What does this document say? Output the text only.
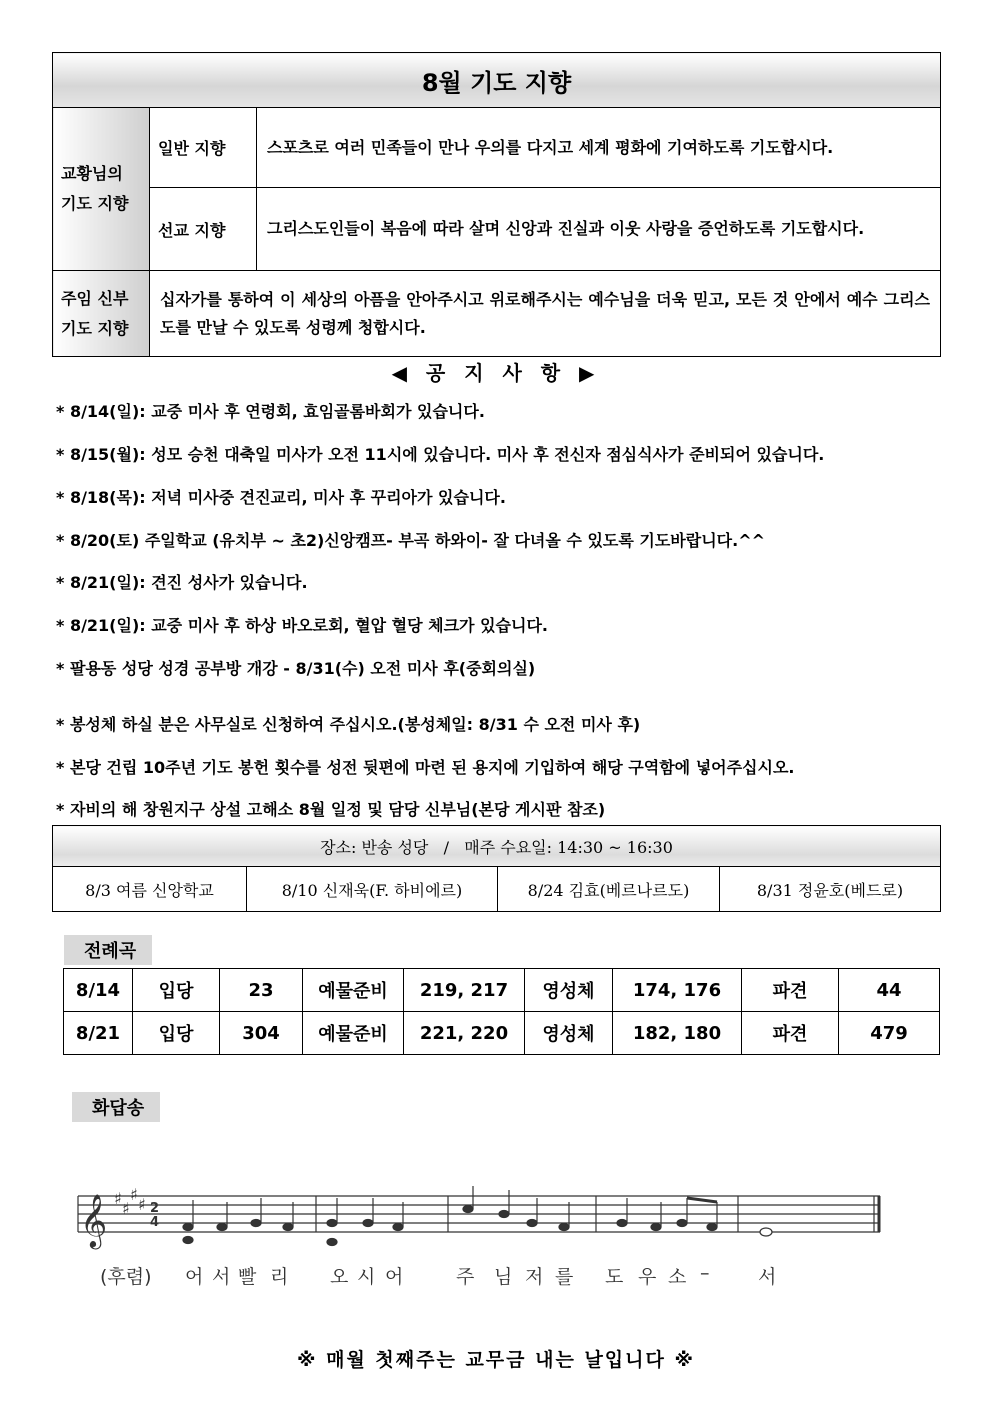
8월 기도 지향		
교황님의
기도 지향	일반 지향	스포츠로 여러 민족들이 만나 우의를 다지고 세계 평화에 기여하도록 기도합시다.
	선교 지향	그리스도인들이 복음에 따라 살며 신앙과 진실과 이웃 사랑을 증언하도록 기도합시다.
주임 신부
기도 지향	십자가를 통하여 이 세상의 아픔을 안아주시고 위로해주시는 예수님을 더욱 믿고, 모든 것 안에서 예수 그리스도를 만날 수 있도록 성령께 청합시다.	
◀ 공 지 사 항 ▶
* 8/14(일): 교중 미사 후 연령회, 효임골롬바회가 있습니다.
* 8/15(월): 성모 승천 대축일 미사가 오전 11시에 있습니다. 미사 후 전신자 점심식사가 준비되어 있습니다.
* 8/18(목): 저녁 미사중 견진교리, 미사 후 꾸리아가 있습니다.
* 8/20(토) 주일학교 (유치부 ~ 초2)신앙캠프- 부곡 하와이- 잘 다녀올 수 있도록 기도바랍니다.^^
* 8/21(일): 견진 성사가 있습니다.
* 8/21(일): 교중 미사 후 하상 바오로회, 혈압 혈당 체크가 있습니다.
* 팔용동 성당 성경 공부방 개강 - 8/31(수) 오전 미사 후(중회의실)
* 봉성체 하실 분은 사무실로 신청하여 주십시오.(봉성체일: 8/31 수 오전 미사 후)
* 본당 건립 10주년 기도 봉헌 횟수를 성전 뒷편에 마련 된 용지에 기입하여 해당 구역함에 넣어주십시오.
* 자비의 해 창원지구 상설 고해소 8월 일정 및 담당 신부님(본당 게시판 참조)
장소: 반송 성당   /   매주 수요일: 14:30 ~ 16:30
8/3 여름 신앙학교	8/10 신재욱(F. 하비에르)	8/24 김효(베르나르도)	8/31 정윤호(베드로)
전례곡
8/14	입당	23	예물준비	219, 217	영성체	174, 176	파견	44
8/21	입당	304	예물준비	221, 220	영성체	182, 180	파견	479
화답송
𝄞 ♯
♯
♯
♯ 2
4
(후렴) 어 서 빨 리 오 시 어	주 님 저 를 도 우 소 –	서
※ 매월 첫째주는 교무금 내는 날입니다 ※
